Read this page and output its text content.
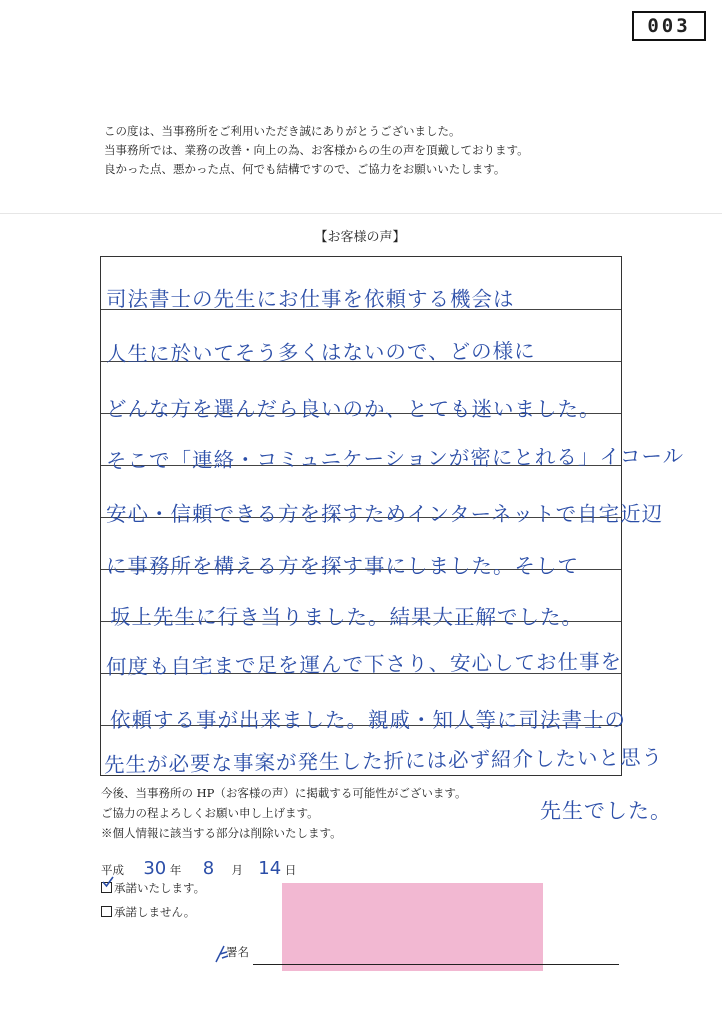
003
この度は、当事務所をご利用いただき誠にありがとうございました。
当事務所では、業務の改善・向上の為、お客様からの生の声を頂戴しております。
良かった点、悪かった点、何でも結構ですので、ご協力をお願いいたします。
【お客様の声】
司法書士の先生にお仕事を依頼する機会は
人生に於いてそう多くはないので、どの様に
どんな方を選んだら良いのか、とても迷いました。
そこで「連絡・コミュニケーションが密にとれる」イコール
安心・信頼できる方を探すためインターネットで自宅近辺
に事務所を構える方を探す事にしました。そして
坂上先生に行き当りました。結果大正解でした。
何度も自宅まで足を運んで下さり、安心してお仕事を
依頼する事が出来ました。親戚・知人等に司法書士の
先生が必要な事案が発生した折には必ず紹介したいと思う
先生でした。
今後、当事務所の HP（お客様の声）に掲載する可能性がございます。
ご協力の程よろしくお願い申し上げます。
※個人情報に該当する部分は削除いたします。
平成 30 年 8 月 14 日
承諾いたします。
承諾しません。
署名
